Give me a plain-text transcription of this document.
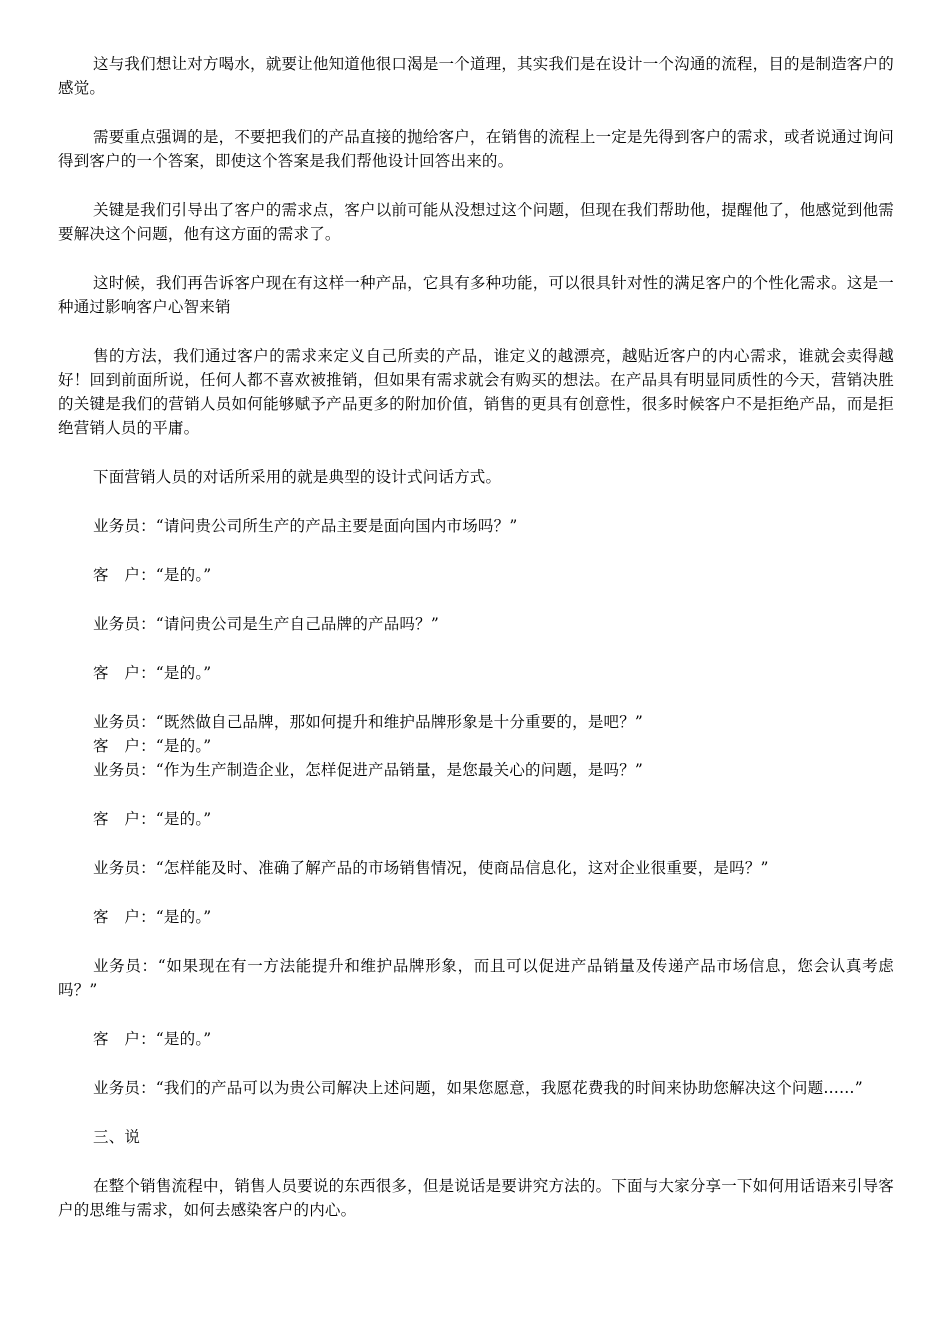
这与我们想让对方喝水，就要让他知道他很口渴是一个道理，其实我们是在设计一个沟通的流程，目的是制造客户的感觉。

需要重点强调的是，不要把我们的产品直接的抛给客户，在销售的流程上一定是先得到客户的需求，或者说通过询问得到客户的一个答案，即使这个答案是我们帮他设计回答出来的。

关键是我们引导出了客户的需求点，客户以前可能从没想过这个问题，但现在我们帮助他，提醒他了，他感觉到他需要解决这个问题，他有这方面的需求了。

这时候，我们再告诉客户现在有这样一种产品，它具有多种功能，可以很具针对性的满足客户的个性化需求。这是一种通过影响客户心智来销

售的方法，我们通过客户的需求来定义自己所卖的产品，谁定义的越漂亮，越贴近客户的内心需求，谁就会卖得越好！回到前面所说，任何人都不喜欢被推销，但如果有需求就会有购买的想法。在产品具有明显同质性的今天，营销决胜的关键是我们的营销人员如何能够赋予产品更多的附加价值，销售的更具有创意性，很多时候客户不是拒绝产品，而是拒绝营销人员的平庸。

下面营销人员的对话所采用的就是典型的设计式问话方式。

业务员：“请问贵公司所生产的产品主要是面向国内市场吗？”

客　户：“是的。”

业务员：“请问贵公司是生产自己品牌的产品吗？”

客　户：“是的。”

业务员：“既然做自己品牌，那如何提升和维护品牌形象是十分重要的，是吧？”

客　户：“是的。”

业务员：“作为生产制造企业，怎样促进产品销量，是您最关心的问题，是吗？”

客　户：“是的。”

业务员：“怎样能及时、准确了解产品的市场销售情况，使商品信息化，这对企业很重要，是吗？”

客　户：“是的。”

业务员：“如果现在有一方法能提升和维护品牌形象，而且可以促进产品销量及传递产品市场信息，您会认真考虑吗？”

客　户：“是的。”

业务员：“我们的产品可以为贵公司解决上述问题，如果您愿意，我愿花费我的时间来协助您解决这个问题……”

三、说

在整个销售流程中，销售人员要说的东西很多，但是说话是要讲究方法的。下面与大家分享一下如何用话语来引导客户的思维与需求，如何去感染客户的内心。
